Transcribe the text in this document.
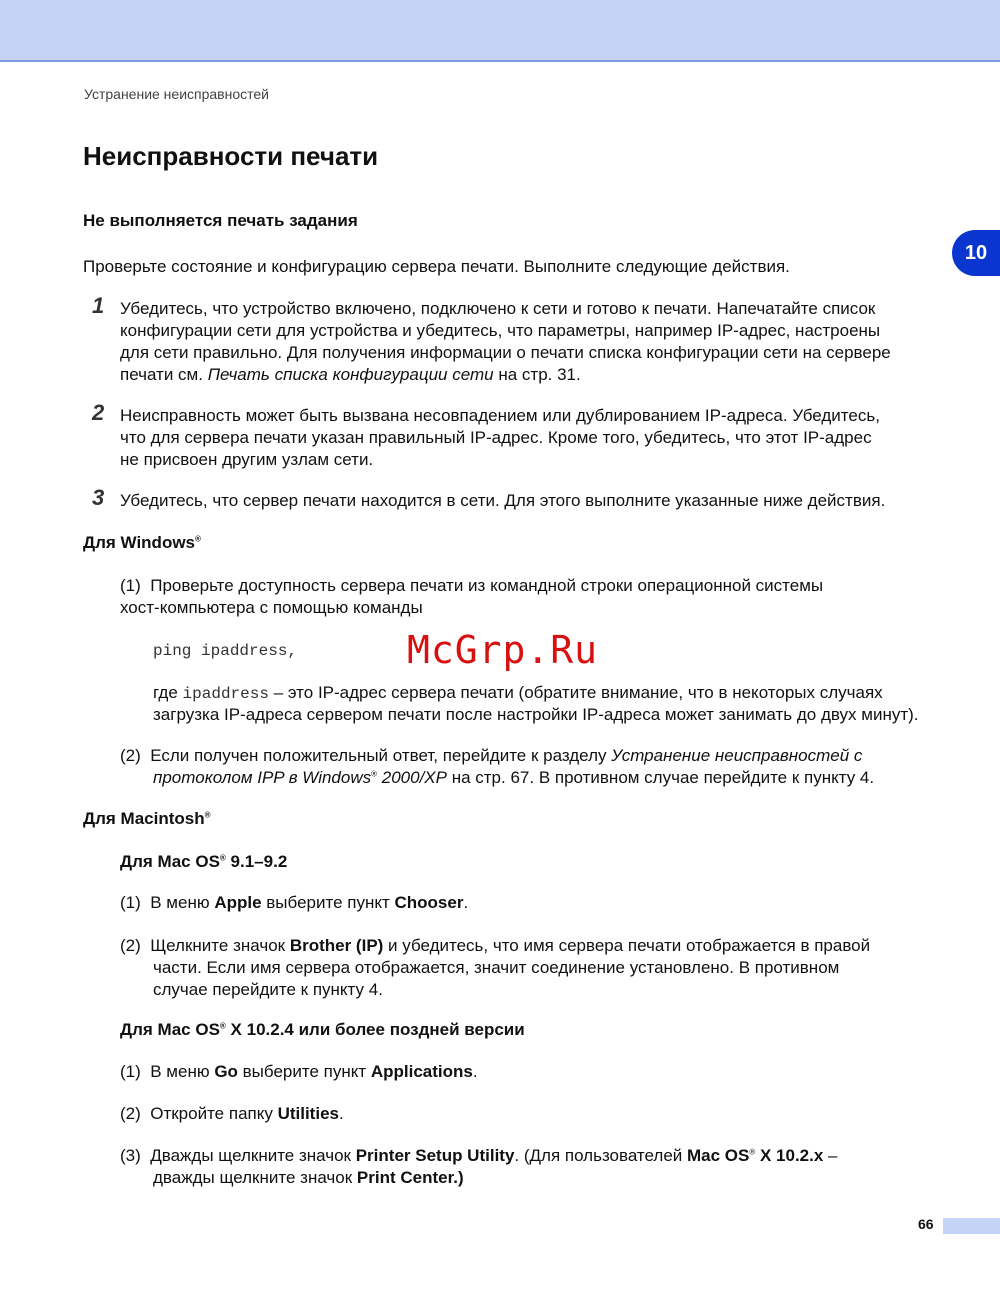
Устранение неисправностей
10
Неисправности печати
Не выполняется печать задания
Проверьте состояние и конфигурацию сервера печати. Выполните следующие действия.
1 Убедитесь, что устройство включено, подключено к сети и готово к печати. Напечатайте список
конфигурации сети для устройства и убедитесь, что параметры, например IP-адрес, настроены
для сети правильно. Для получения информации о печати списка конфигурации сети на сервере
печати см. Печать списка конфигурации сети на стр. 31.
2 Неисправность может быть вызвана несовпадением или дублированием IP-адреса. Убедитесь,
что для сервера печати указан правильный IP-адрес. Кроме того, убедитесь, что этот IP-адрес
не присвоен другим узлам сети.
3 Убедитесь, что сервер печати находится в сети. Для этого выполните указанные ниже действия.
Для Windows®
(1) Проверьте доступность сервера печати из командной строки операционной системы
хост-компьютера с помощью команды
ping ipaddress,	McGrp.Ru
где ipaddress – это IP-адрес сервера печати (обратите внимание, что в некоторых случаях
загрузка IP-адреса сервером печати после настройки IP-адреса может занимать до двух минут).
(2) Если получен положительный ответ, перейдите к разделу Устранение неисправностей с
протоколом IPP в Windows® 2000/XP на стр. 67. В противном случае перейдите к пункту 4.
Для Macintosh®
Для Mac OS® 9.1–9.2
(1) В меню Apple выберите пункт Chooser.
(2) Щелкните значок Brother (IP) и убедитесь, что имя сервера печати отображается в правой
части. Если имя сервера отображается, значит соединение установлено. В противном
случае перейдите к пункту 4.
Для Mac OS® X 10.2.4 или более поздней версии
(1) В меню Go выберите пункт Applications.
(2) Откройте папку Utilities.
(3) Дважды щелкните значок Printer Setup Utility. (Для пользователей Mac OS® X 10.2.x –
дважды щелкните значок Print Center.)
66
